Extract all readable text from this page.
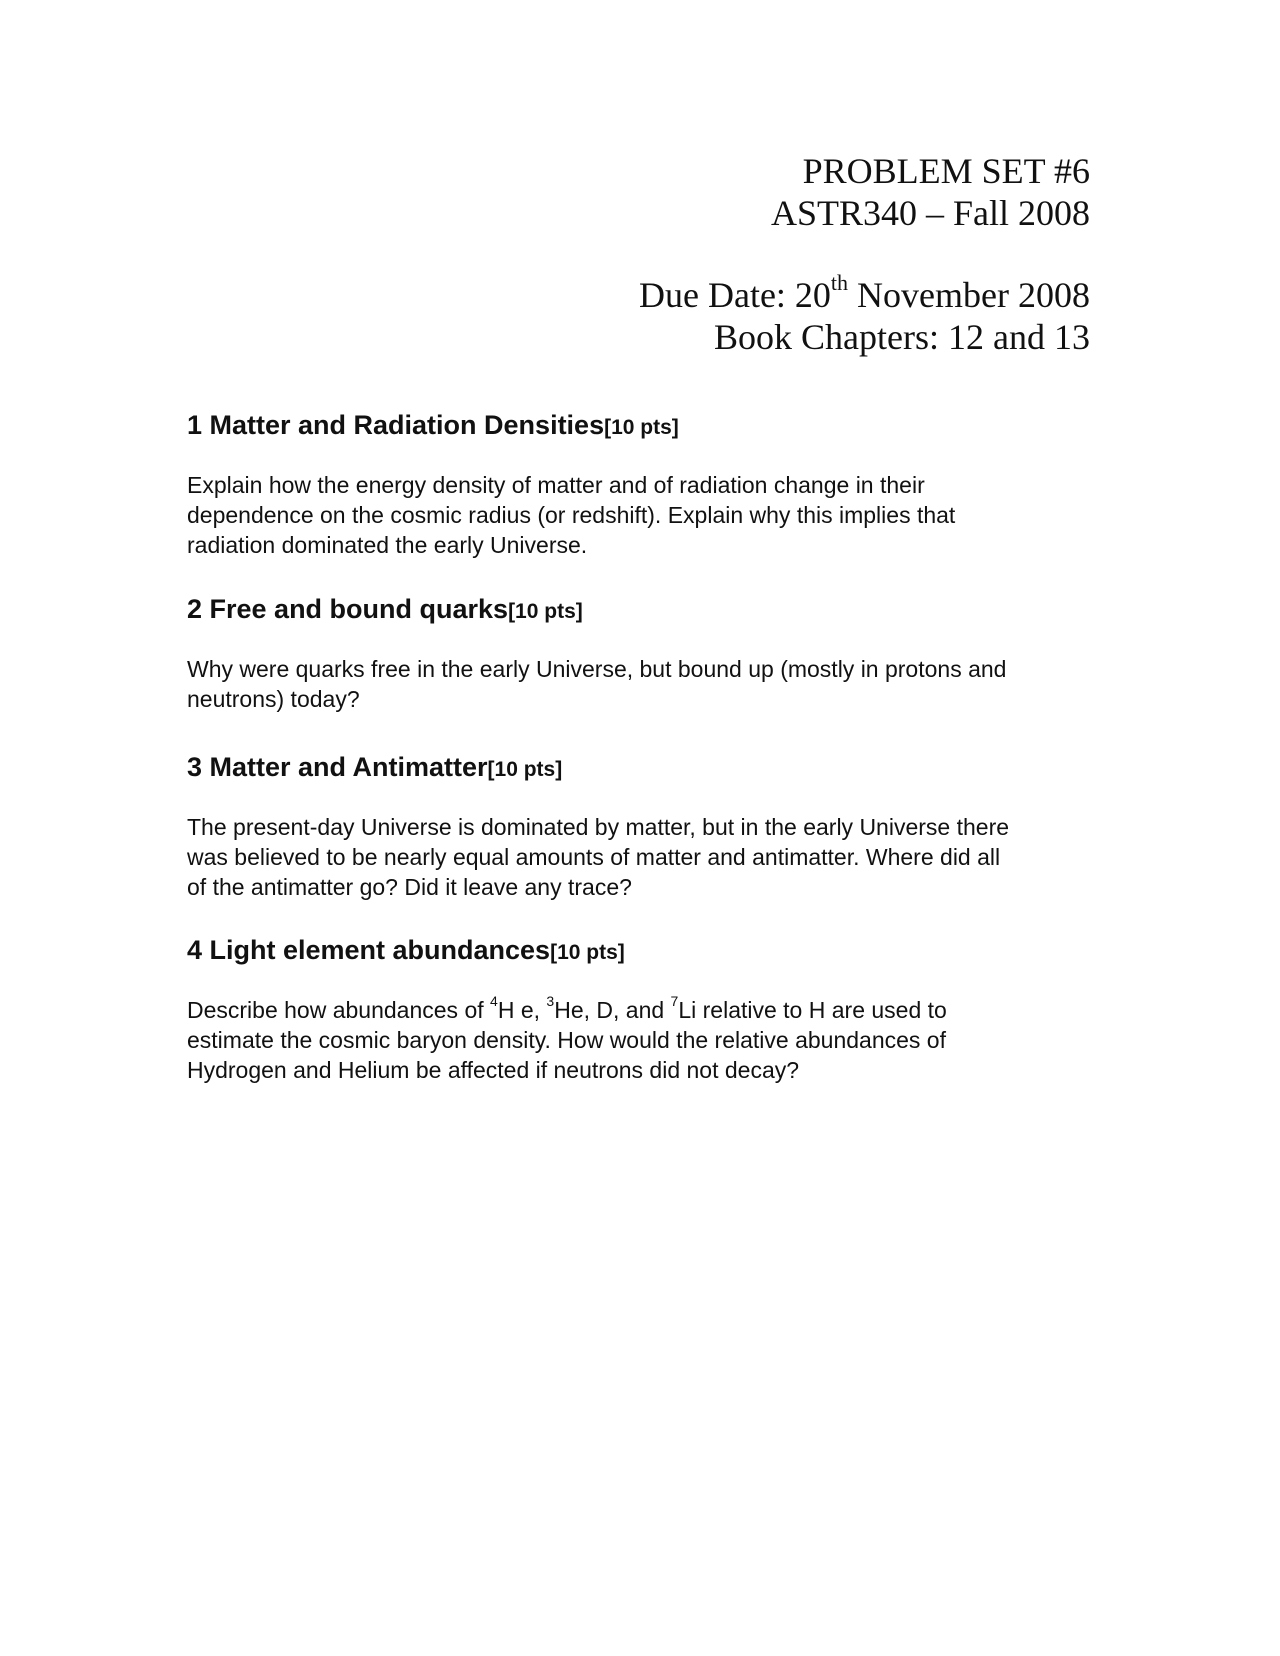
PROBLEM SET #6
ASTR340 – Fall 2008
Due Date: 20th November 2008
Book Chapters: 12 and 13
1 Matter and Radiation Densities[10 pts]

Explain how the energy density of matter and of radiation change in their
dependence on the cosmic radius (or redshift). Explain why this implies that
radiation dominated the early Universe.

2 Free and bound quarks[10 pts]

Why were quarks free in the early Universe, but bound up (mostly in protons and
neutrons) today?

3 Matter and Antimatter[10 pts]

The present-day Universe is dominated by matter, but in the early Universe there
was believed to be nearly equal amounts of matter and antimatter. Where did all
of the antimatter go? Did it leave any trace?

4 Light element abundances[10 pts]

Describe how abundances of $^4$H e, $^3$He, D, and $^7$Li relative to H are used to
estimate the cosmic baryon density. How would the relative abundances of
Hydrogen and Helium be affected if neutrons did not decay?
